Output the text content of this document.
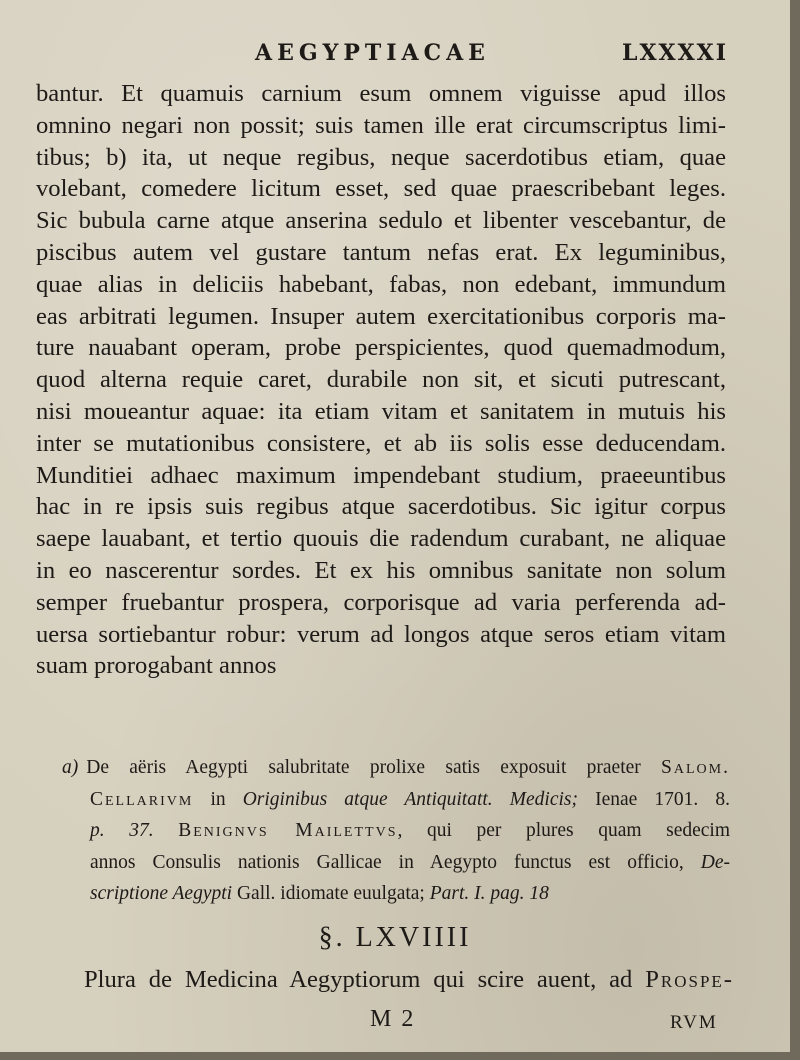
AEGYPTIACAE	LXXXXI
bantur. Et quamuis carnium esum omnem viguisse apud illos
omnino negari non possit; suis tamen ille erat circumscriptus limi-
tibus; b) ita, ut neque regibus, neque sacerdotibus etiam, quae
volebant, comedere licitum esset, sed quae praescribebant leges.
Sic bubula carne atque anserina sedulo et libenter vescebantur, de
piscibus autem vel gustare tantum nefas erat. Ex leguminibus,
quae alias in deliciis habebant, fabas, non edebant, immundum
eas arbitrati legumen. Insuper autem exercitationibus corporis ma-
ture nauabant operam, probe perspicientes, quod quemadmodum,
quod alterna requie caret, durabile non sit, et sicuti putrescant,
nisi moueantur aquae: ita etiam vitam et sanitatem in mutuis his
inter se mutationibus consistere, et ab iis solis esse deducendam.
Munditiei adhaec maximum impendebant studium, praeeuntibus
hac in re ipsis suis regibus atque sacerdotibus. Sic igitur corpus
saepe lauabant, et tertio quouis die radendum curabant, ne aliquae
in eo nascerentur sordes. Et ex his omnibus sanitate non solum
semper fruebantur prospera, corporisque ad varia perferenda ad-
uersa sortiebantur robur: verum ad longos atque seros etiam vitam
suam prorogabant annos
a) De aëris Aegypti salubritate prolixe satis exposuit praeter Salom.
Cellarivm in Originibus atque Antiquitatt. Medicis; Ienae 1701. 8.
p. 37. Benignvs Mailettvs, qui per plures quam sedecim
annos Consulis nationis Gallicae in Aegypto functus est officio, De-
scriptione Aegypti Gall. idiomate euulgata; Part. I. pag. 18
§. LXVIIII
Plura de Medicina Aegyptiorum qui scire auent, ad Prospe-
M 2	RVM
